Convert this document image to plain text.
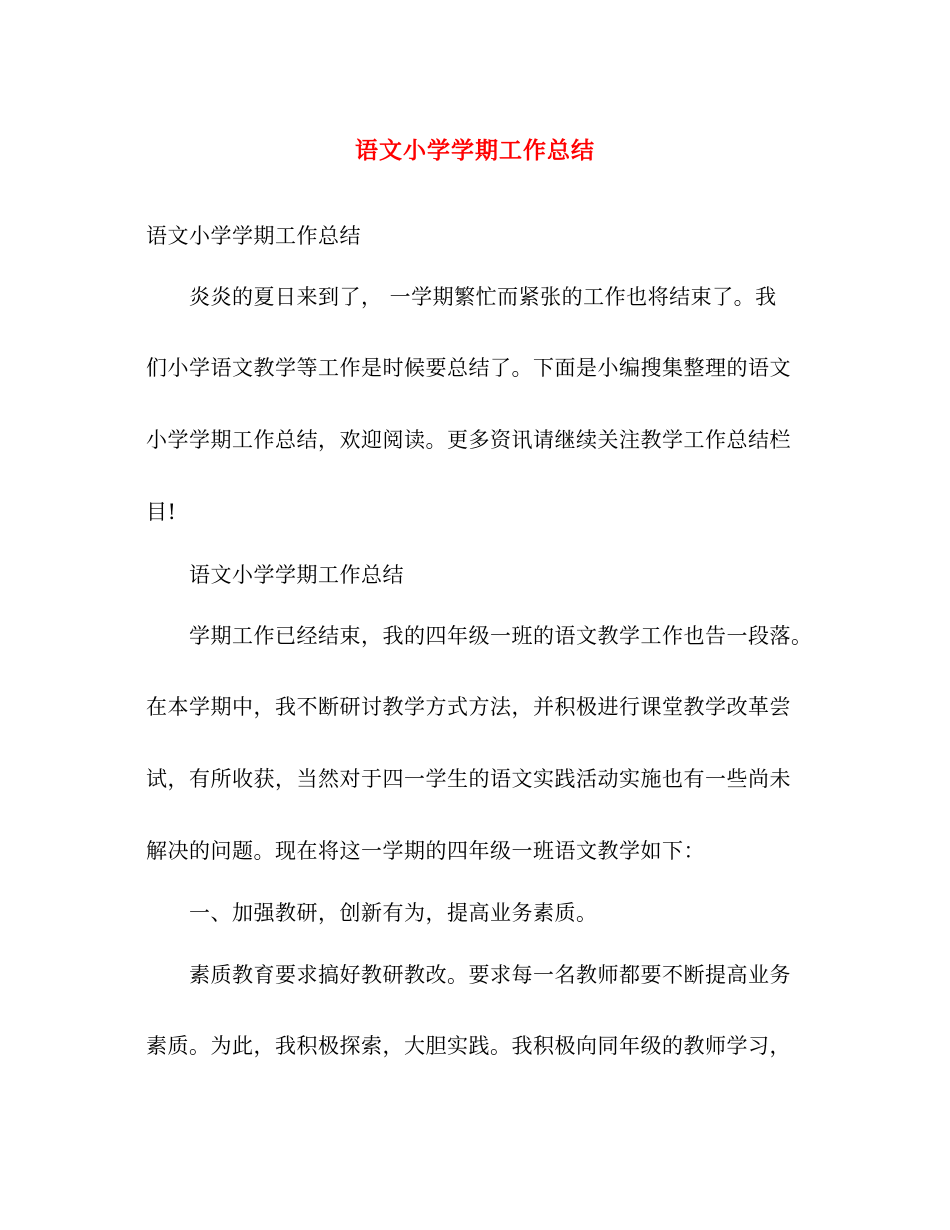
语文小学学期工作总结
语文小学学期工作总结
炎炎的夏日来到了， 一学期繁忙而紧张的工作也将结束了。我
们小学语文教学等工作是时候要总结了。下面是小编搜集整理的语文
小学学期工作总结，欢迎阅读。更多资讯请继续关注教学工作总结栏
目!
语文小学学期工作总结
学期工作已经结束，我的四年级一班的语文教学工作也告一段落。
在本学期中，我不断研讨教学方式方法，并积极进行课堂教学改革尝
试，有所收获，当然对于四一学生的语文实践活动实施也有一些尚未
解决的问题。现在将这一学期的四年级一班语文教学如下：
一、加强教研，创新有为，提高业务素质。
素质教育要求搞好教研教改。要求每一名教师都要不断提高业务
素质。为此，我积极探索，大胆实践。我积极向同年级的教师学习，
